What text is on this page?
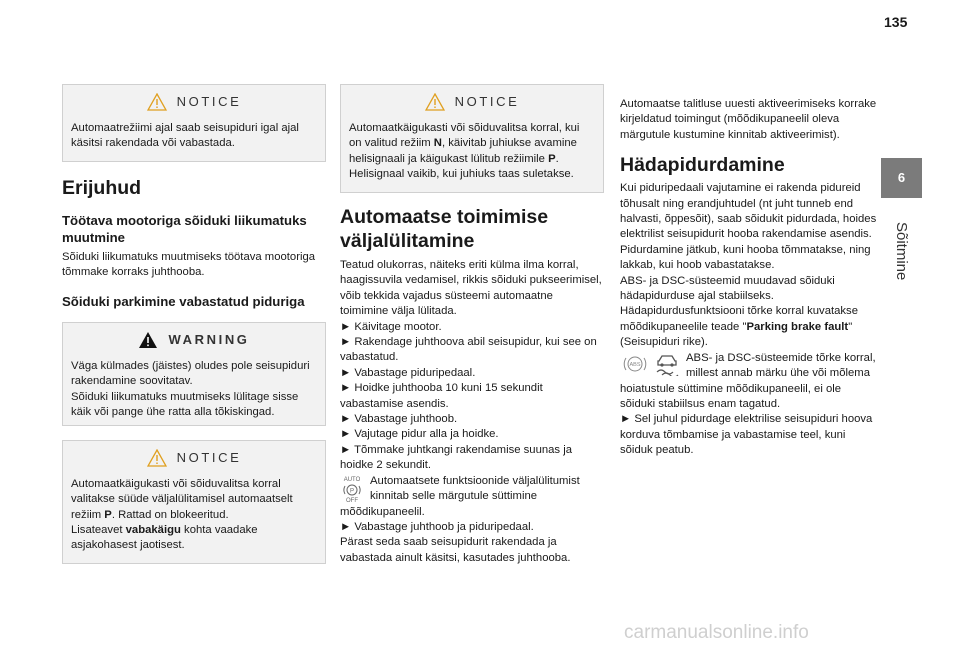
135
6
Sõitmine
NOTICE

Automaatrežiimi ajal saab seisupiduri igal ajal käsitsi rakendada või vabastada.

Erijuhud
Töötava mootoriga sõiduki liikumatuks muutmine

Sõiduki liikumatuks muutmiseks töötava mootoriga tõmmake korraks juhthooba.

Sõiduki parkimine vabastatud piduriga
WARNING

Väga külmades (jäistes) oludes pole seisupiduri rakendamine soovitatav.

Sõiduki liikumatuks muutmiseks lülitage sisse käik või pange ühe ratta alla tõkiskingad.

NOTICE

Automaatkäigukasti või sõiduvalitsa korral valitakse süüde väljalülitamisel automaatselt režiim P. Rattad on blokeeritud.

Lisateavet vabakäigu kohta vaadake asjakohasest jaotisest.

NOTICE

Automaatkäigukasti või sõiduvalitsa korral, kui on valitud režiim N, käivitab juhiukse avamine helisignaali ja käigukast lülitub režiimile P. Helisignaal vaikib, kui juhiuks taas suletakse.

Automaatse toimimise väljalülitamine

Teatud olukorras, näiteks eriti külma ilma korral, haagissuvila vedamisel, rikkis sõiduki pukseerimisel, võib tekkida vajadus süsteemi automaatne toimimine välja lülitada.

► Käivitage mootor.

► Rakendage juhthoova abil seisupidur, kui see on vabastatud.

► Vabastage piduripedaal.

► Hoidke juhthooba 10 kuni 15 sekundit vabastamise asendis.

► Vabastage juhthoob.

► Vajutage pidur alla ja hoidke.

► Tõmmake juhtkangi rakendamise suunas ja hoidke 2 sekundit.

AUTO
P
OFF
Automaatsete funktsioonide väljalülitumist kinnitab selle märgutule süttimine mõõdikupaneelil.

► Vabastage juhthoob ja piduripedaal.

Pärast seda saab seisupidurit rakendada ja vabastada ainult käsitsi, kasutades juhthooba.

Automaatse talitluse uuesti aktiveerimiseks korrake kirjeldatud toimingut (mõõdikupaneelil oleva märgutule kustumine kinnitab aktiveerimist).

Hädapidurdamine

Kui piduripedaali vajutamine ei rakenda pidureid tõhusalt ning erandjuhtudel (nt juht tunneb end halvasti, õppesõit), saab sõidukit pidurdada, hoides elektrilist seisupidurit hooba rakendamise asendis. Pidurdamine jätkub, kuni hooba tõmmatakse, ning lakkab, kui hoob vabastatakse.

ABS- ja DSC-süsteemid muudavad sõiduki hädapidurduse ajal stabiilseks.

Hädapidurdusfunktsiooni tõrke korral kuvatakse mõõdikupaneelile teade "Parking brake fault" (Seisupiduri rike).

ABS
ABS- ja DSC-süsteemide tõrke korral, millest annab märku ühe või mõlema hoiatustule süttimine mõõdikupaneelil, ei ole sõiduki stabiilsus enam tagatud.

► Sel juhul pidurdage elektrilise seisupiduri hoova korduva tõmbamise ja vabastamise teel, kuni sõiduk peatub.

carmanualsonline.info
